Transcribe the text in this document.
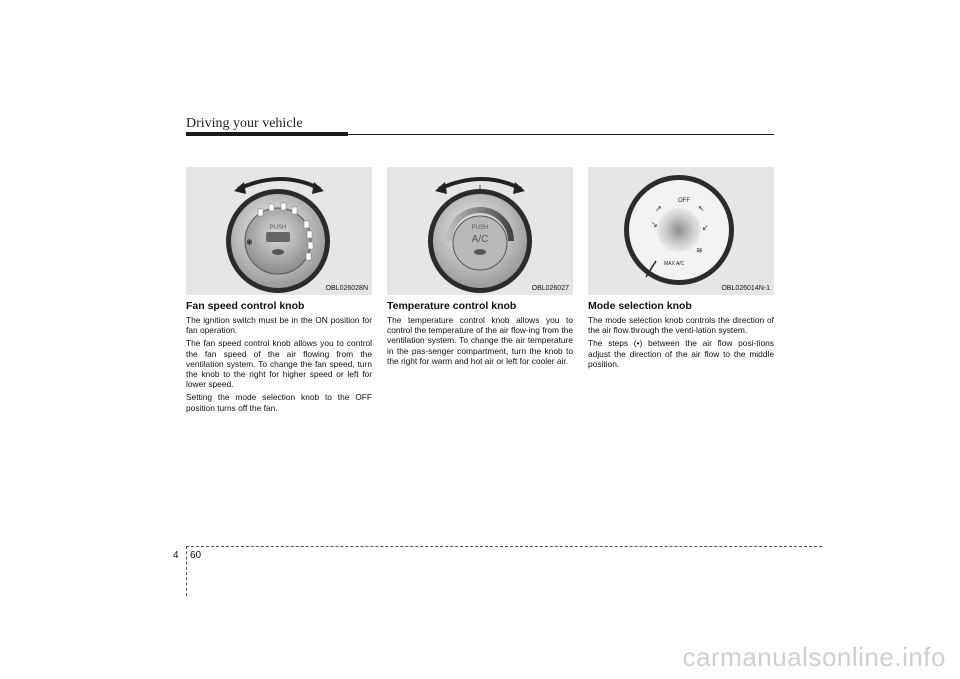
Driving your vehicle
PUSH
✱
OBL026028N
PUSH
A/C
OBL026027
OFF
MAX A/C
↗
↘
↖
↙
≋
OBL026014N-1
Fan speed control knob

The ignition switch must be in the ON position for fan operation.

The fan speed control knob allows you to control the fan speed of the air flowing from the ventilation system. To change the fan speed, turn the knob to the right for higher speed or left for lower speed.

Setting the mode selection knob to the OFF position turns off the fan.

Temperature control knob

The temperature control knob allows you to control the temperature of the air flow-ing from the ventilation system. To change the air temperature in the pas-senger compartment, turn the knob to the right for warm and hot air or left for cooler air.

Mode selection knob

The mode selection knob controls the direction of the air flow through the venti-lation system.

The steps (•) between the air flow posi-tions adjust the direction of the air flow to the middle position.

4 60
carmanualsonline.info
